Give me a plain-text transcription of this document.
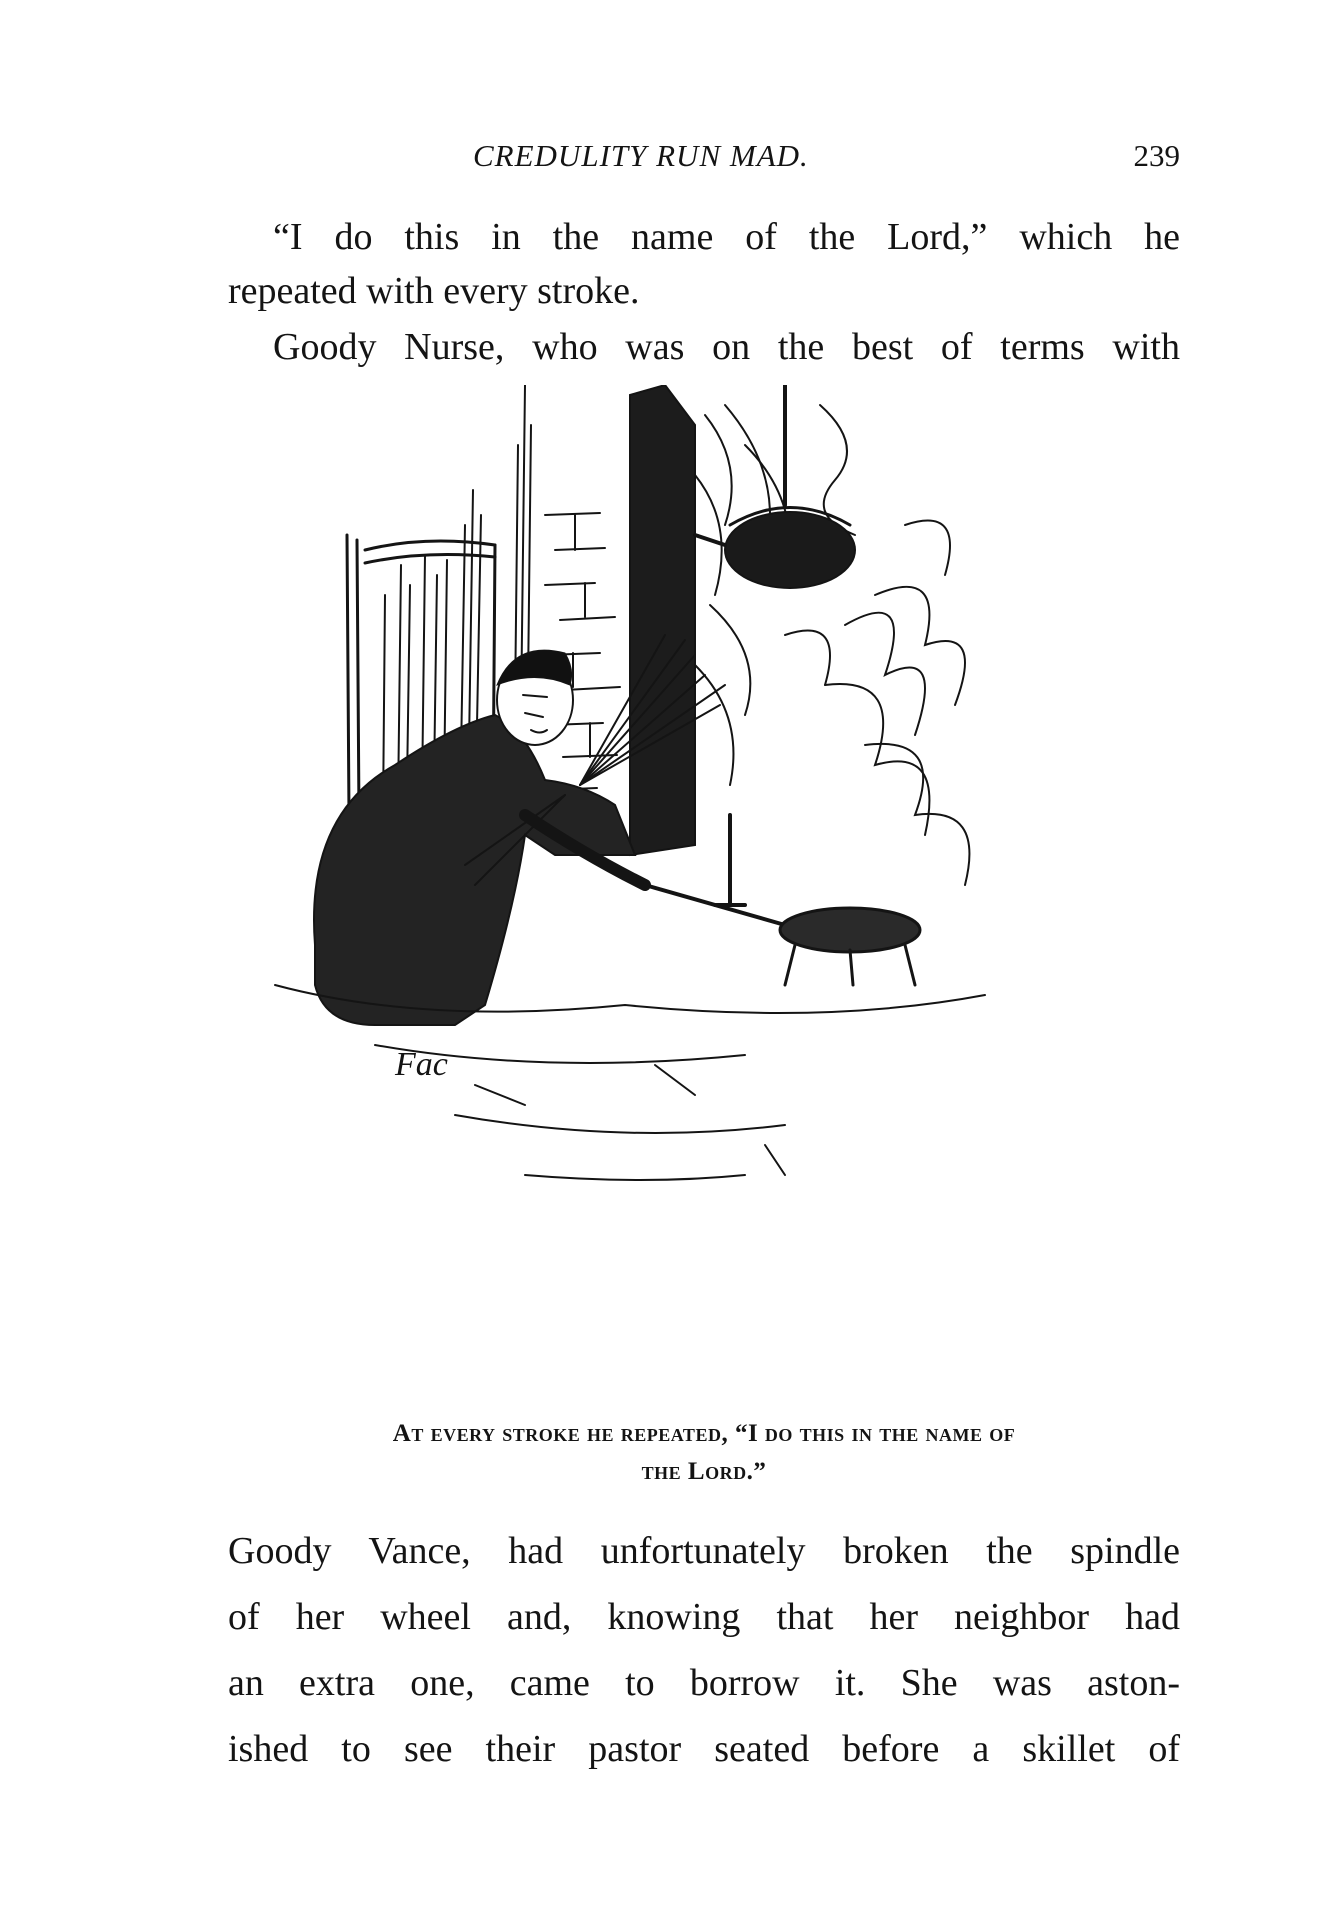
CREDULITY RUN MAD.	239
“I do this in the name of the Lord,” which he
repeated with every stroke.
Goody Nurse, who was on the best of terms with
Fac
At every stroke he repeated, “I do this in the name of
the Lord.”
Goody Vance, had unfortunately broken the spindle
of her wheel and, knowing that her neighbor had
an extra one, came to borrow it. She was aston-
ished to see their pastor seated before a skillet of
